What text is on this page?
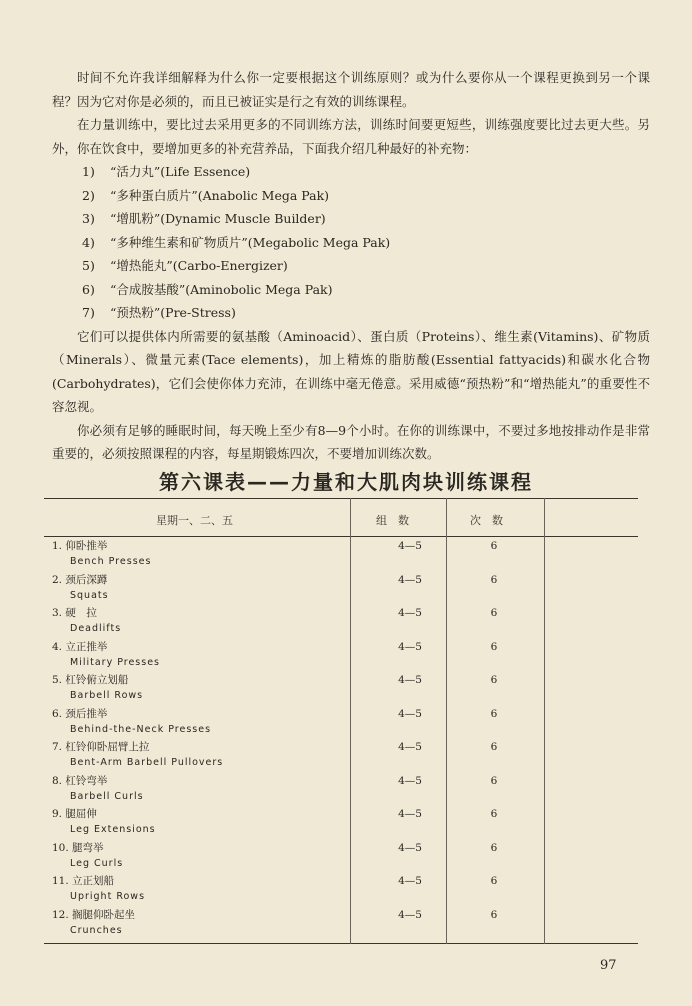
时间不允许我详细解释为什么你一定要根据这个训练原则？或为什么要你从一个课程更换到另一个课程？因为它对你是必须的，而且已被证实是行之有效的训练课程。

在力量训练中，要比过去采用更多的不同训练方法，训练时间要更短些，训练强度要比过去更大些。另外，你在饮食中，要增加更多的补充营养品，下面我介绍几种最好的补充物：

1) “活力丸”(Life Essence)
2) “多种蛋白质片”(Anabolic Mega Pak)
3) “增肌粉”(Dynamic Muscle Builder)
4) “多种维生素和矿物质片”(Megabolic Mega Pak)
5) “增热能丸”(Carbo-Energizer)
6) “合成胺基酸”(Aminobolic Mega Pak)
7) “预热粉”(Pre-Stress)

它们可以提供体内所需要的氨基酸（Aminoacid）、蛋白质（Proteins）、维生素(Vitamins)、矿物质（Minerals）、微量元素(Tace elements)，加上精炼的脂肪酸(Essential fattyacids)和碳水化合物(Carbohydrates)，它们会使你体力充沛，在训练中毫无倦意。采用威德“预热粉”和“增热能丸”的重要性不容忽视。

你必须有足够的睡眠时间，每天晚上至少有8—9个小时。在你的训练课中，不要过多地按排动作是非常重要的，必须按照课程的内容，每星期锻炼四次，不要增加训练次数。

第六课表——力量和大肌肉块训练课程
星期一、二、五	组　数	次　数
1. 仰卧推举
Bench Presses
4—5	6
2. 颈后深蹲
Squats
4—5	6
3. 硬　拉
Deadlifts
4—5	6
4. 立正推举
Military Presses
4—5	6
5. 杠铃俯立划船
Barbell Rows
4—5	6
6. 颈后推举
Behind-the-Neck Presses
4—5	6
7. 杠铃仰卧屈臂上拉
Bent-Arm Barbell Pullovers
4—5	6
8. 杠铃弯举
Barbell Curls
4—5	6
9. 腿屈伸
Leg Extensions
4—5	6
10. 腿弯举
Leg Curls
4—5	6
11. 立正划船
Upright Rows
4—5	6
12. 搁腿仰卧起坐
Crunches
4—5	6
97
